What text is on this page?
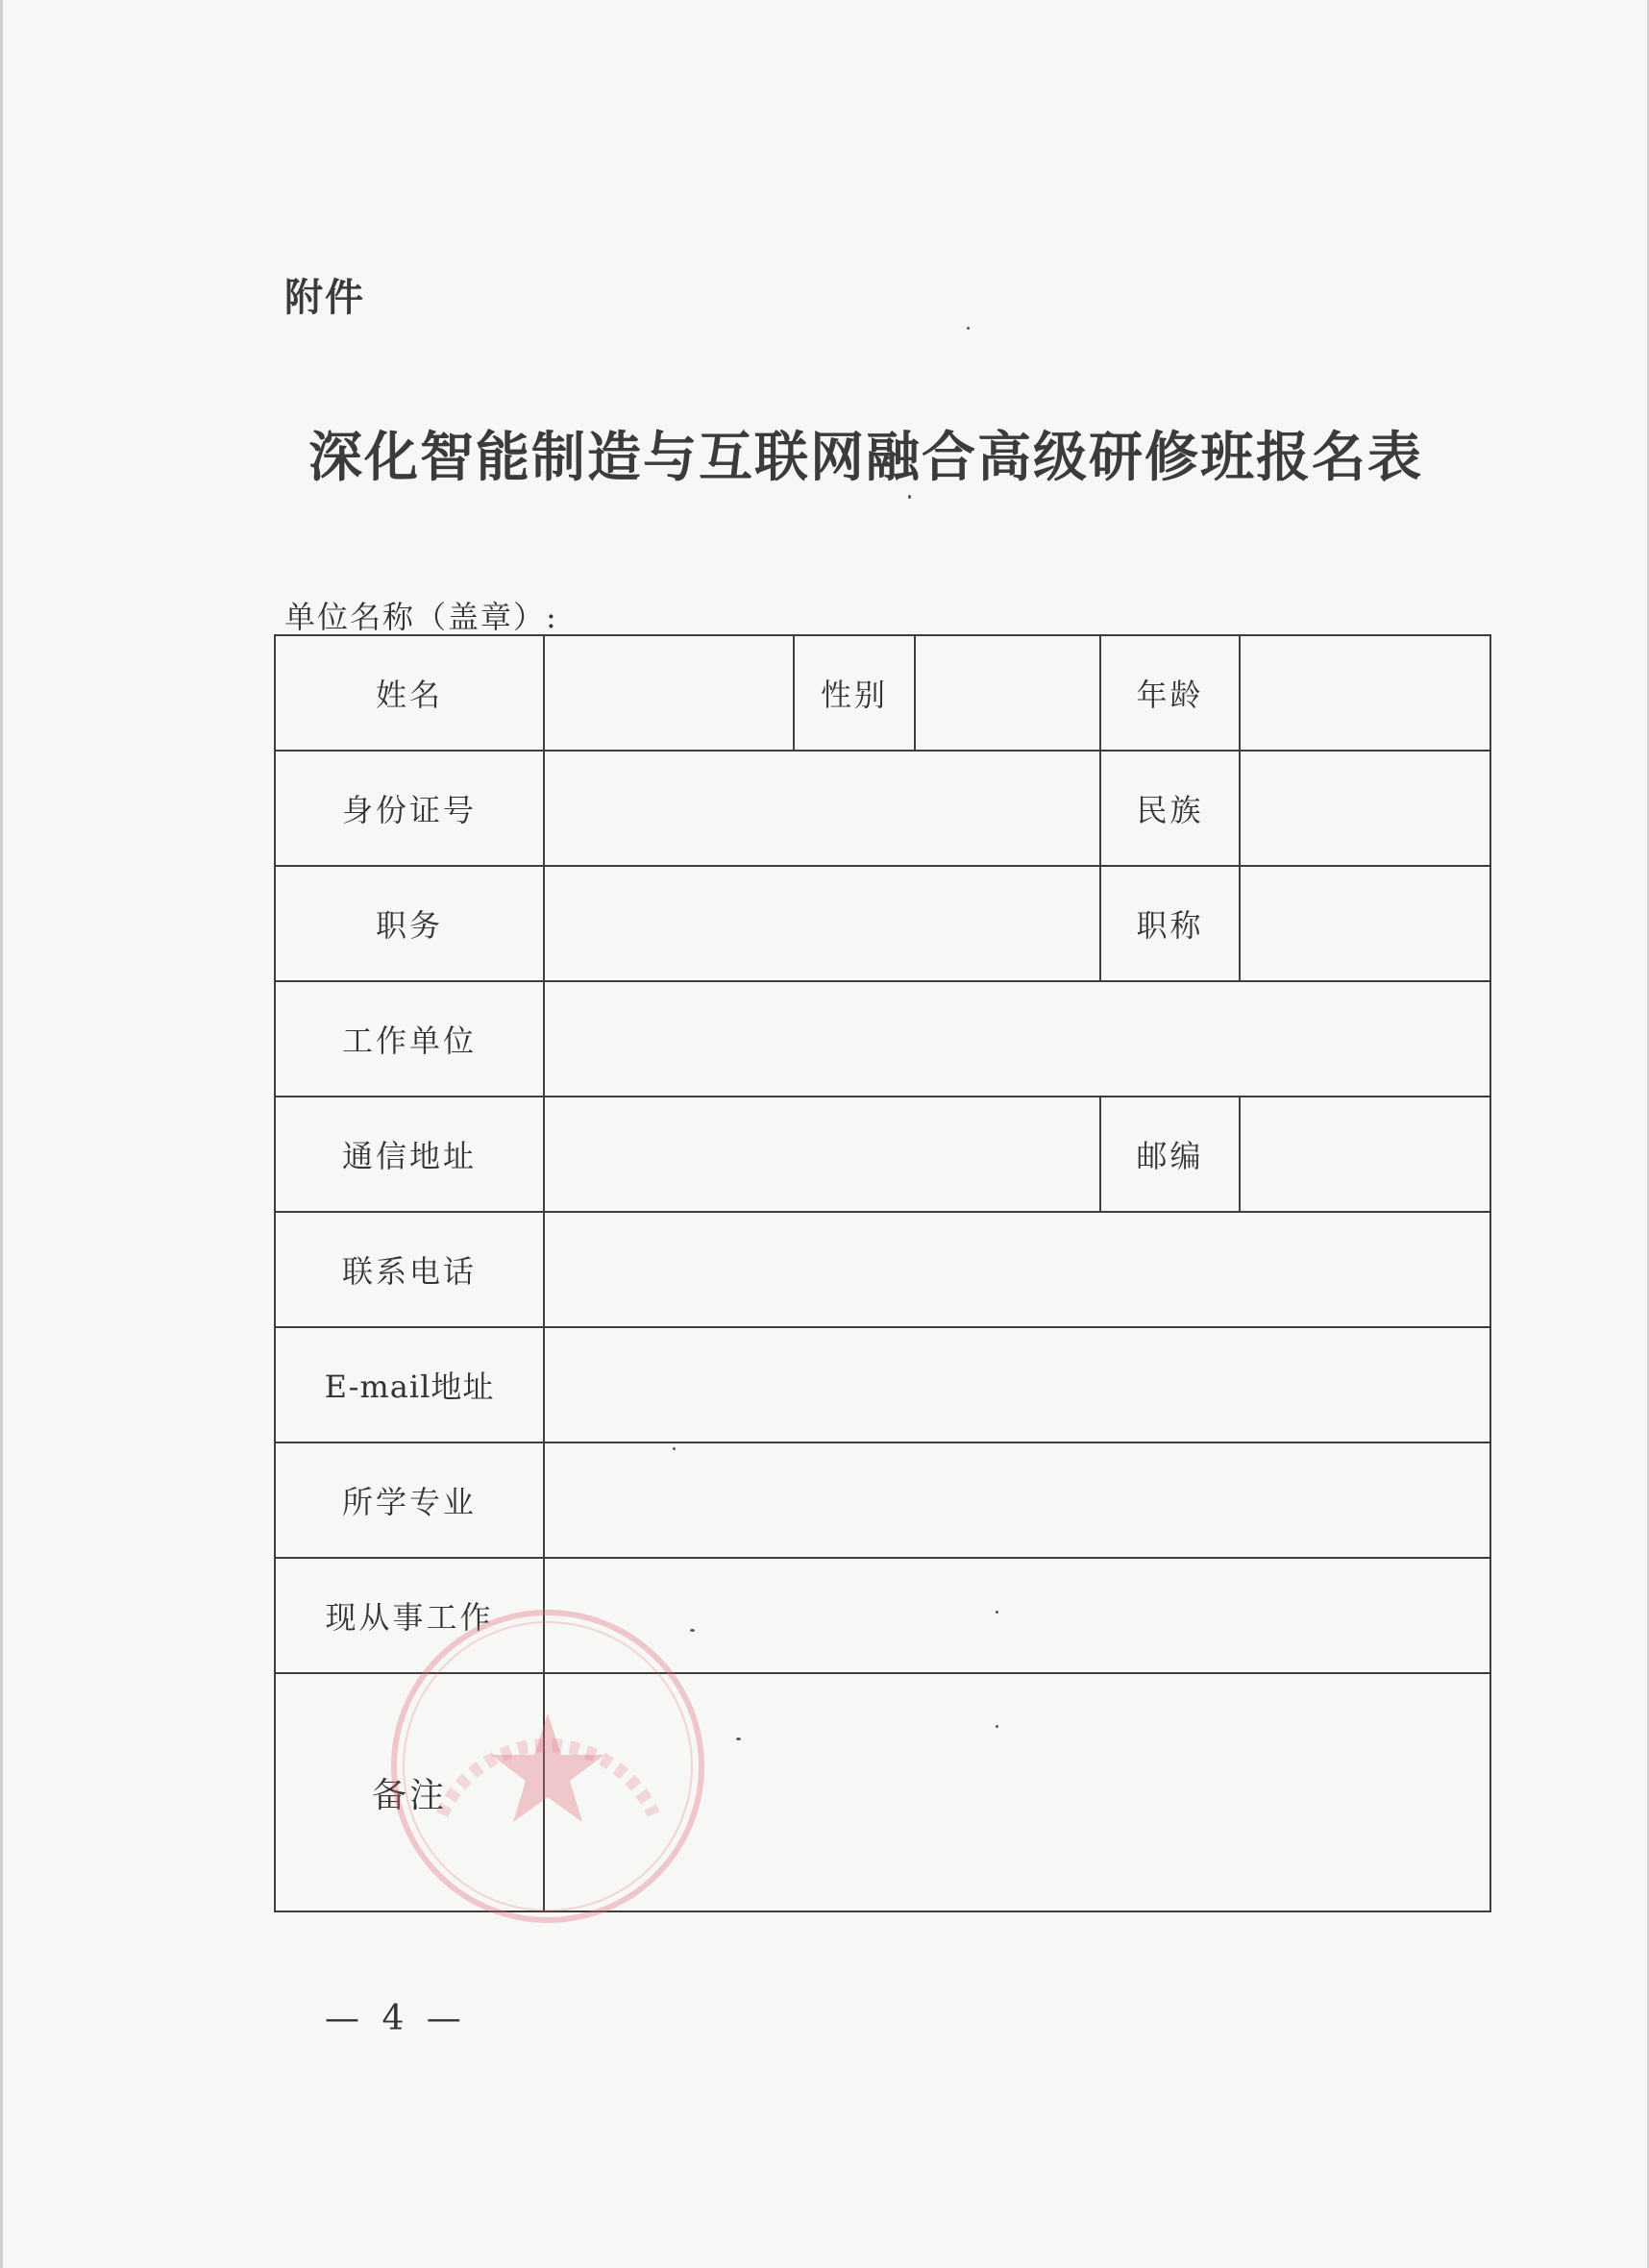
附件
深化智能制造与互联网融合高级研修班报名表
单位名称（盖章）:
姓名		性别		年龄	
身份证号				民族	
职务				职称	
工作单位					
通信地址				邮编	
联系电话					
E-mail地址					
所学专业					
现从事工作					
备注					
— 4 —
